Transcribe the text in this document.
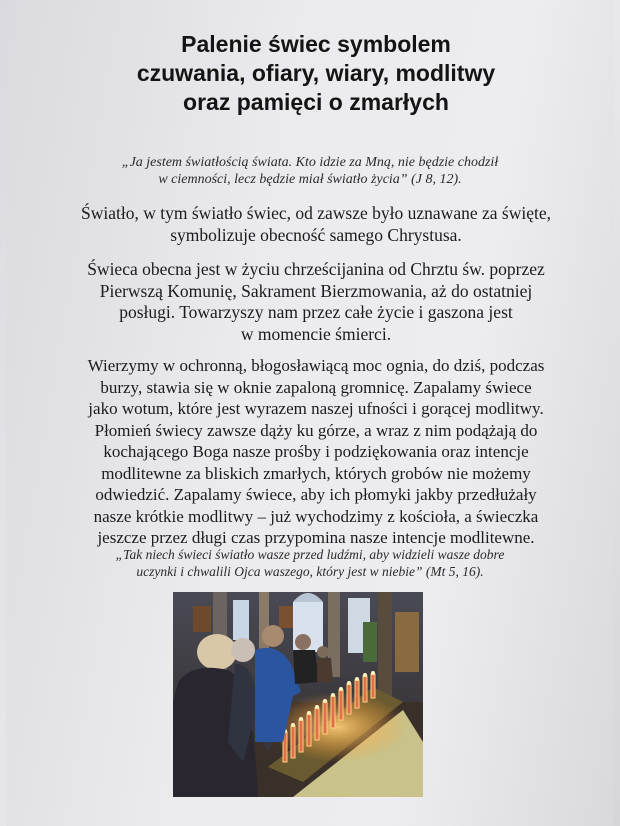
Palenie świec symbolem
czuwania, ofiary, wiary, modlitwy
oraz pamięci o zmarłych
„Ja jestem światłością świata. Kto idzie za Mną, nie będzie chodził
w ciemności, lecz będzie miał światło życia” (J 8, 12).
Światło, w tym światło świec, od zawsze było uznawane za święte,
symbolizuje obecność samego Chrystusa.
Świeca obecna jest w życiu chrześcijanina od Chrztu św. poprzez
Pierwszą Komunię, Sakrament Bierzmowania, aż do ostatniej
posługi. Towarzyszy nam przez całe życie i gaszona jest
w momencie śmierci.
Wierzymy w ochronną, błogosławiącą moc ognia, do dziś, podczas
burzy, stawia się w oknie zapaloną gromnicę. Zapalamy świece
jako wotum, które jest wyrazem naszej ufności i gorącej modlitwy.
Płomień świecy zawsze dąży ku górze, a wraz z nim podążają do
kochającego Boga nasze prośby i podziękowania oraz intencje
modlitewne za bliskich zmarłych, których grobów nie możemy
odwiedzić. Zapalamy świece, aby ich płomyki jakby przedłużały
nasze krótkie modlitwy – już wychodzimy z kościoła, a świeczka
jeszcze przez długi czas przypomina nasze intencje modlitewne.
„Tak niech świeci światło wasze przed ludźmi, aby widzieli wasze dobre
uczynki i chwalili Ojca waszego, który jest w niebie” (Mt 5, 16).
